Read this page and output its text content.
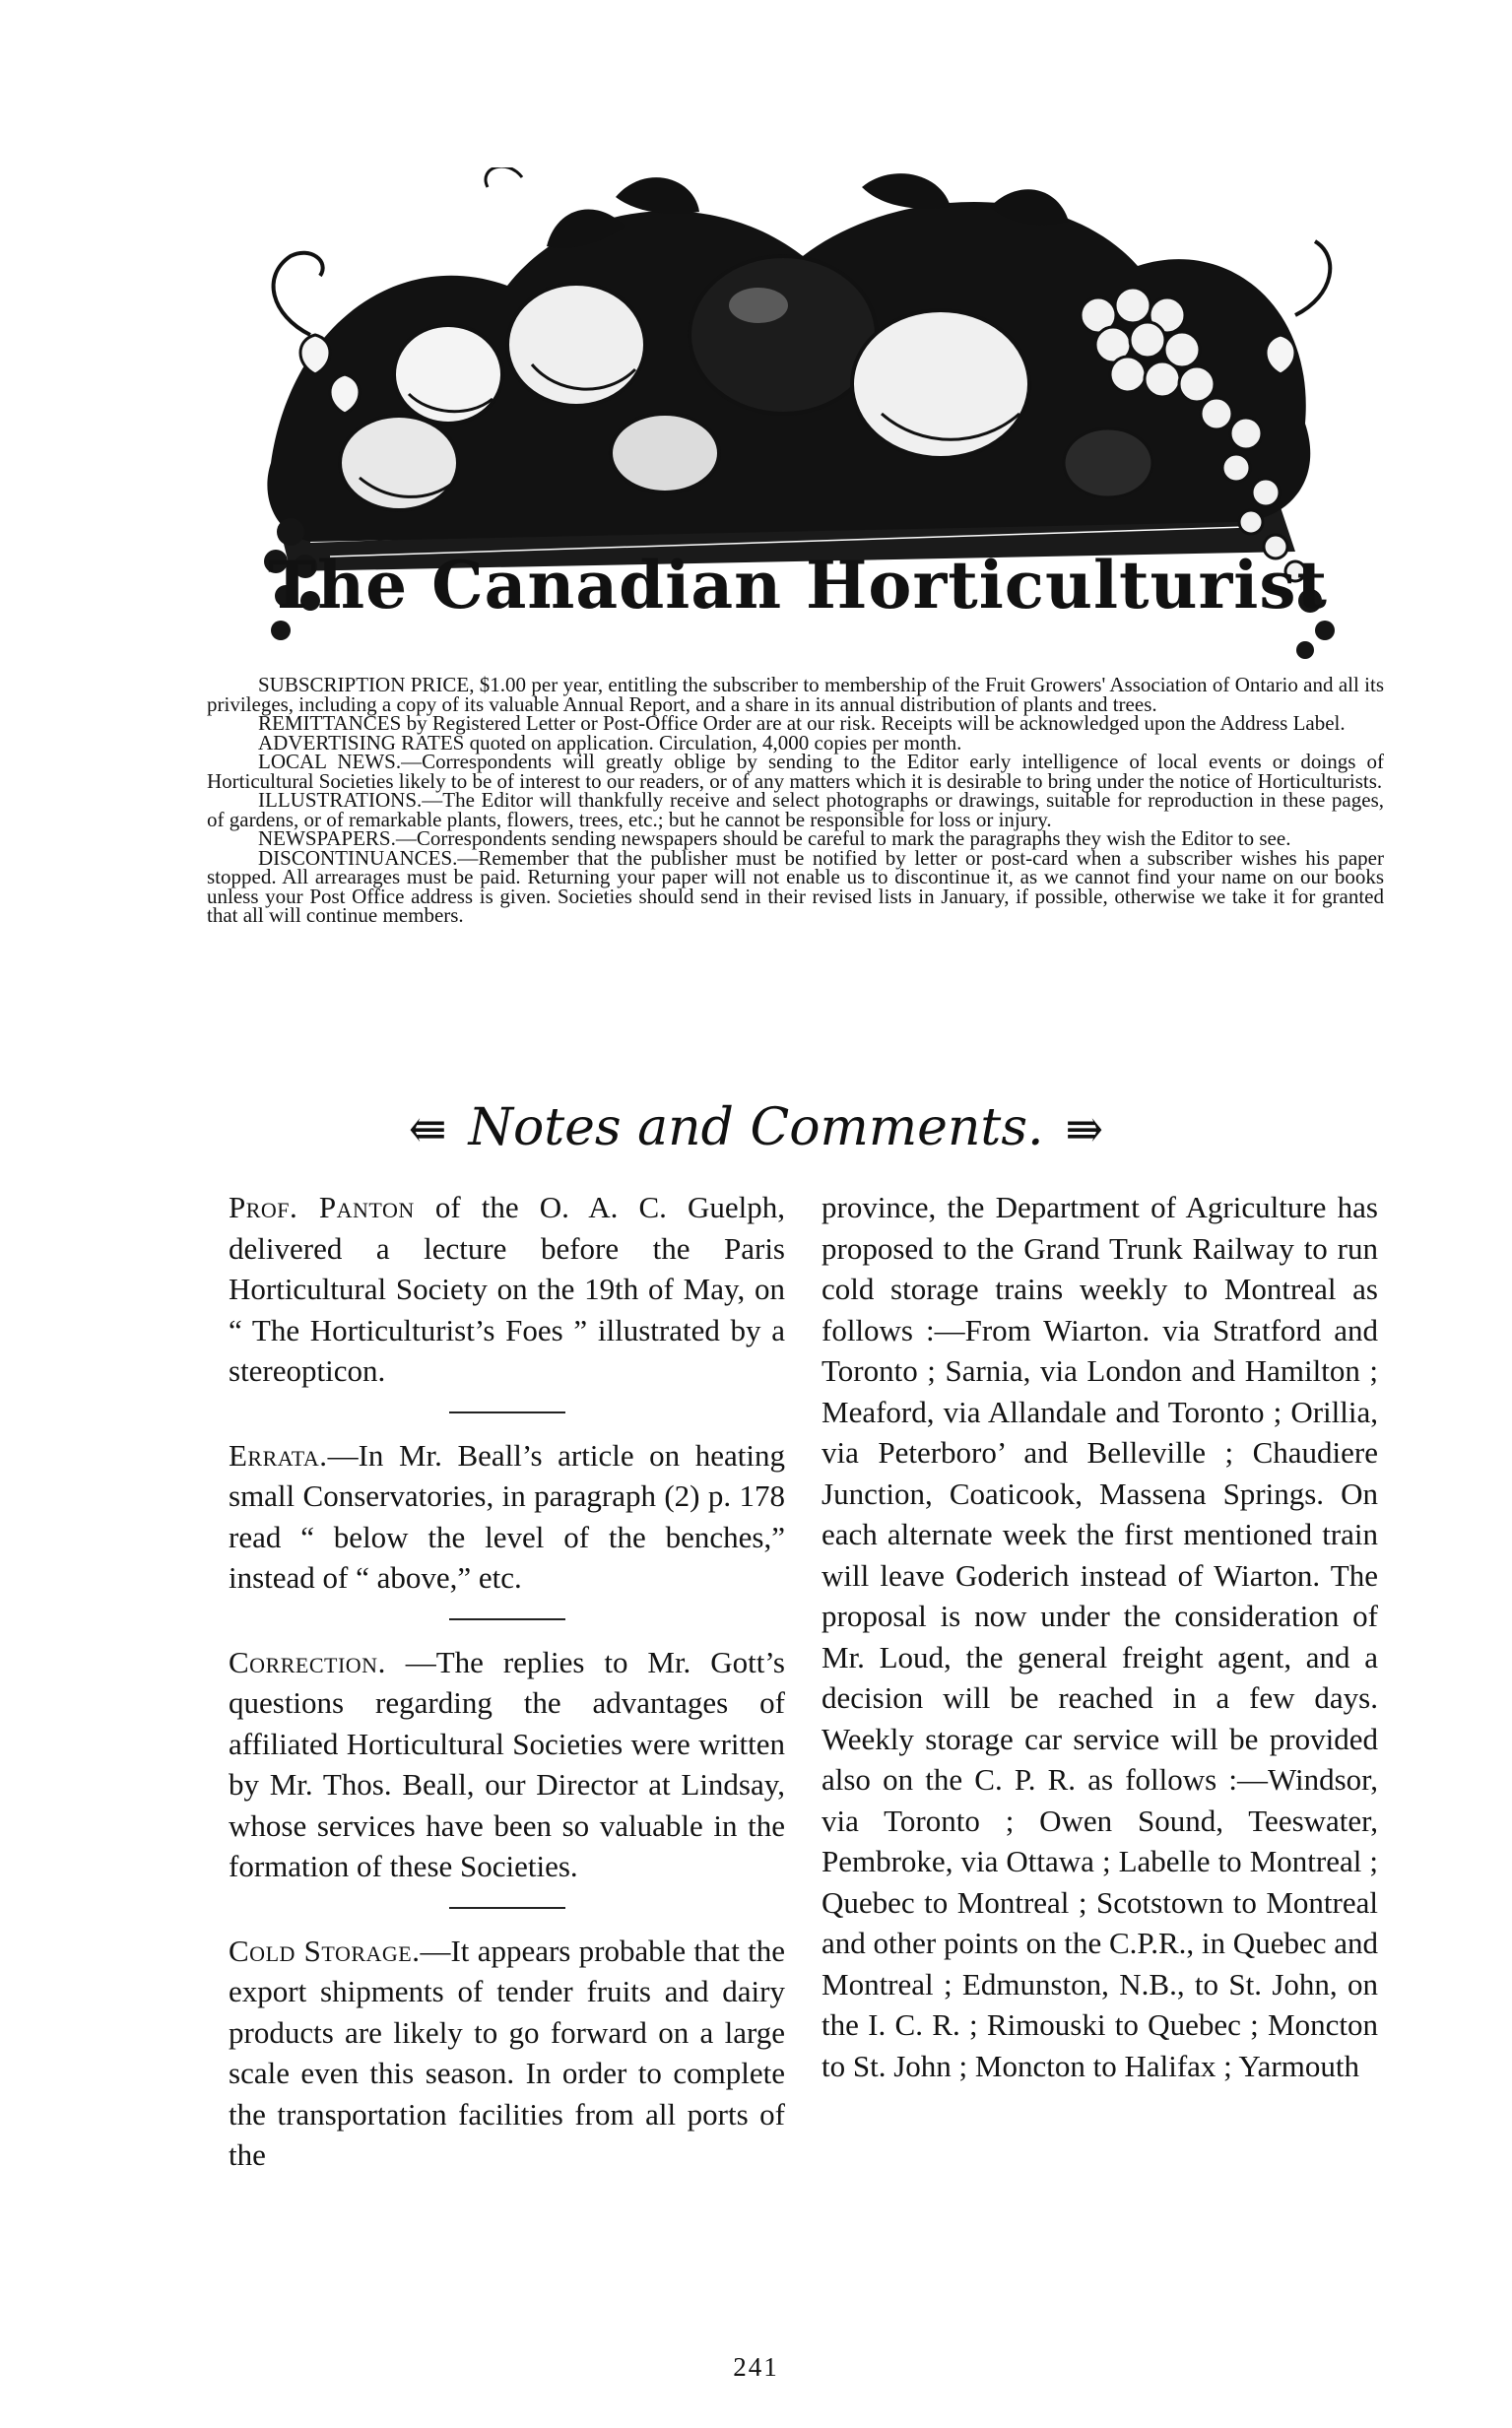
The Canadian Horticulturist

SUBSCRIPTION PRICE, $1.00 per year, entitling the subscriber to membership of the Fruit Growers' Association of Ontario and all its privileges, including a copy of its valuable Annual Report, and a share in its annual distribution of plants and trees.

REMITTANCES by Registered Letter or Post-Office Order are at our risk. Receipts will be acknowledged upon the Address Label.

ADVERTISING RATES quoted on application. Circulation, 4,000 copies per month.

LOCAL NEWS.—Correspondents will greatly oblige by sending to the Editor early intelligence of local events or doings of Horticultural Societies likely to be of interest to our readers, or of any matters which it is desirable to bring under the notice of Horticulturists.

ILLUSTRATIONS.—The Editor will thankfully receive and select photographs or drawings, suitable for reproduction in these pages, of gardens, or of remarkable plants, flowers, trees, etc.; but he cannot be responsible for loss or injury.

NEWSPAPERS.—Correspondents sending newspapers should be careful to mark the paragraphs they wish the Editor to see.

DISCONTINUANCES.—Remember that the publisher must be notified by letter or post-card when a subscriber wishes his paper stopped. All arrearages must be paid. Returning your paper will not enable us to discontinue it, as we cannot find your name on our books unless your Post Office address is given. Societies should send in their revised lists in January, if possible, otherwise we take it for granted that all will continue members.

⇚ Notes and Comments. ⇛

Prof. Panton of the O. A. C. Guelph, delivered a lecture before the Paris Horticultural Society on the 19th of May, on “ The Horticulturist’s Foes ” illustrated by a stereopticon.

Errata.—In Mr. Beall’s article on heating small Conservatories, in paragraph (2) p. 178 read “ below the level of the benches,” instead of “ above,” etc.

Correction. —The replies to Mr. Gott’s questions regarding the advantages of affiliated Horticultural Societies were written by Mr. Thos. Beall, our Director at Lindsay, whose services have been so valuable in the formation of these Societies.

Cold Storage.—It appears probable that the export shipments of tender fruits and dairy products are likely to go forward on a large scale even this season. In order to complete the transportation facilities from all ports of the

province, the Department of Agriculture has proposed to the Grand Trunk Railway to run cold storage trains weekly to Montreal as follows :—From Wiarton. via Stratford and Toronto ; Sarnia, via London and Hamilton ; Meaford, via Allandale and Toronto ; Orillia, via Peterboro’ and Belleville ; Chaudiere Junction, Coaticook, Massena Springs. On each alternate week the first mentioned train will leave Goderich instead of Wiarton. The proposal is now under the consideration of Mr. Loud, the general freight agent, and a decision will be reached in a few days. Weekly storage car service will be provided also on the C. P. R. as follows :—Windsor, via Toronto ; Owen Sound, Teeswater, Pembroke, via Ottawa ; Labelle to Montreal ; Quebec to Montreal ; Scotstown to Montreal and other points on the C.P.R., in Quebec and Montreal ; Edmunston, N.B., to St. John, on the I. C. R. ; Rimouski to Quebec ; Moncton to St. John ; Moncton to Halifax ; Yarmouth

241
